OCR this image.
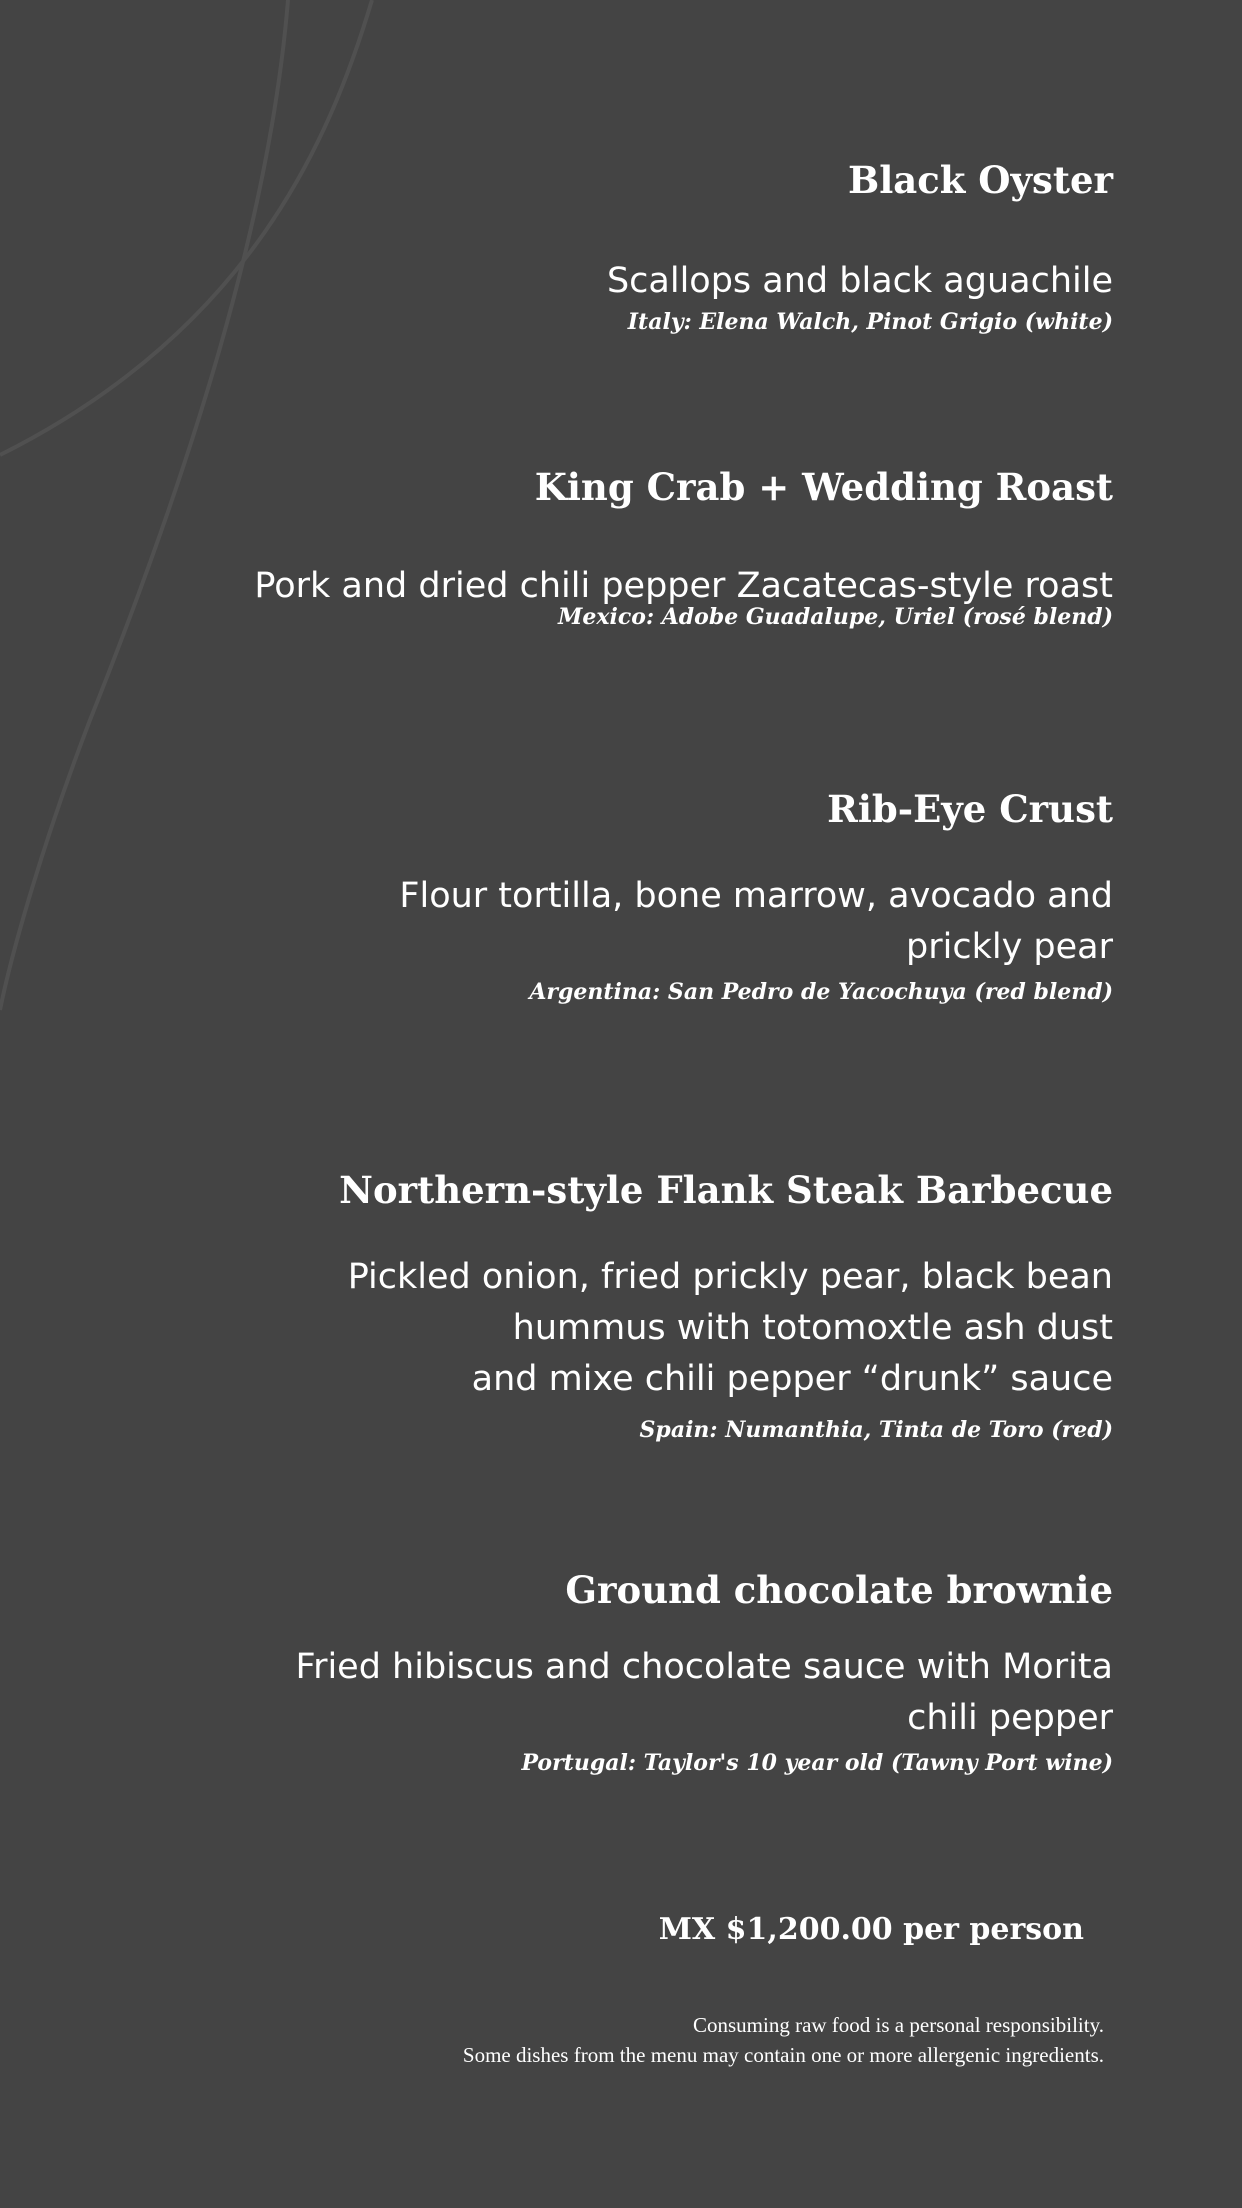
Black Oyster
Scallops and black aguachile
Italy: Elena Walch, Pinot Grigio (white)
King Crab + Wedding Roast
Pork and dried chili pepper Zacatecas-style roast
Mexico: Adobe Guadalupe, Uriel (rosé blend)
Rib-Eye Crust
Flour tortilla, bone marrow, avocado and
prickly pear
Argentina: San Pedro de Yacochuya (red blend)
Northern-style Flank Steak Barbecue
Pickled onion, fried prickly pear, black bean
hummus with totomoxtle ash dust
and mixe chili pepper “drunk” sauce
Spain: Numanthia, Tinta de Toro (red)
Ground chocolate brownie
Fried hibiscus and chocolate sauce with Morita
chili pepper
Portugal: Taylor's 10 year old (Tawny Port wine)
MX $1,200.00 per person
Consuming raw food is a personal responsibility.
Some dishes from the menu may contain one or more allergenic ingredients.
